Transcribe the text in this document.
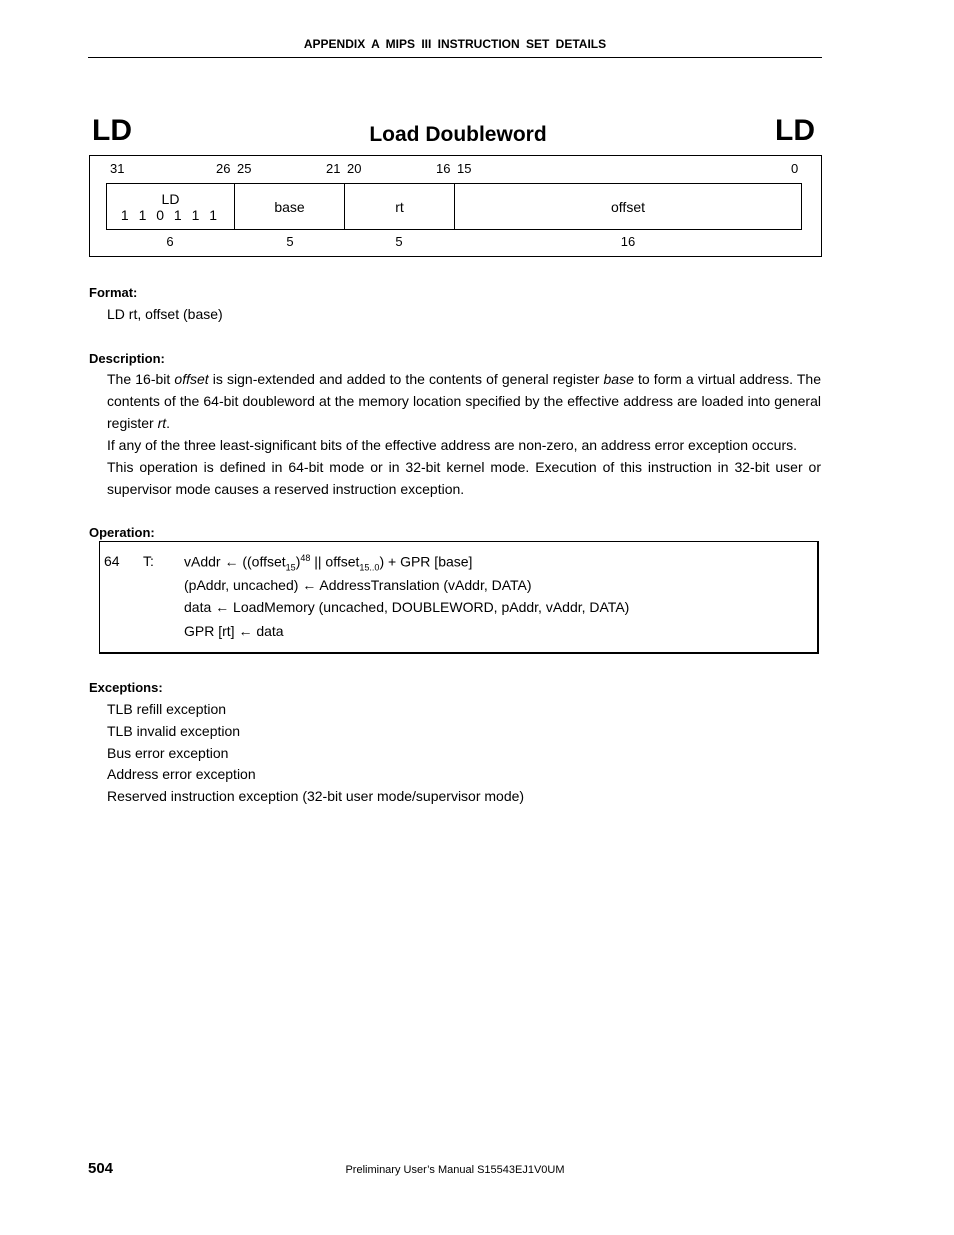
APPENDIX A MIPS III INSTRUCTION SET DETAILS
LD	Load Doubleword	LD
31	26 25	21 20	16 15	0
LD
1 1 0 1 1 1	base	rt	offset
6	5	5	16
Format:
LD rt, offset (base)
Description:

The 16-bit offset is sign-extended and added to the contents of general register base to form a virtual address. The contents of the 64-bit doubleword at the memory location specified by the effective address are loaded into general register rt.

If any of the three least-significant bits of the effective address are non-zero, an address error exception occurs.

This operation is defined in 64-bit mode or in 32-bit kernel mode. Execution of this instruction in 32-bit user or supervisor mode causes a reserved instruction exception.

Operation:
64 T: vAddr ← ((offset$_{15}$)$^{48}$ || offset$_{15..0}$) + GPR [base]
(pAddr, uncached) ← AddressTranslation (vAddr, DATA)
data ← LoadMemory (uncached, DOUBLEWORD, pAddr, vAddr, DATA)
GPR [rt] ← data
Exceptions:
TLB refill exception
TLB invalid exception
Bus error exception
Address error exception
Reserved instruction exception (32-bit user mode/supervisor mode)
504	Preliminary User’s Manual S15543EJ1V0UM
